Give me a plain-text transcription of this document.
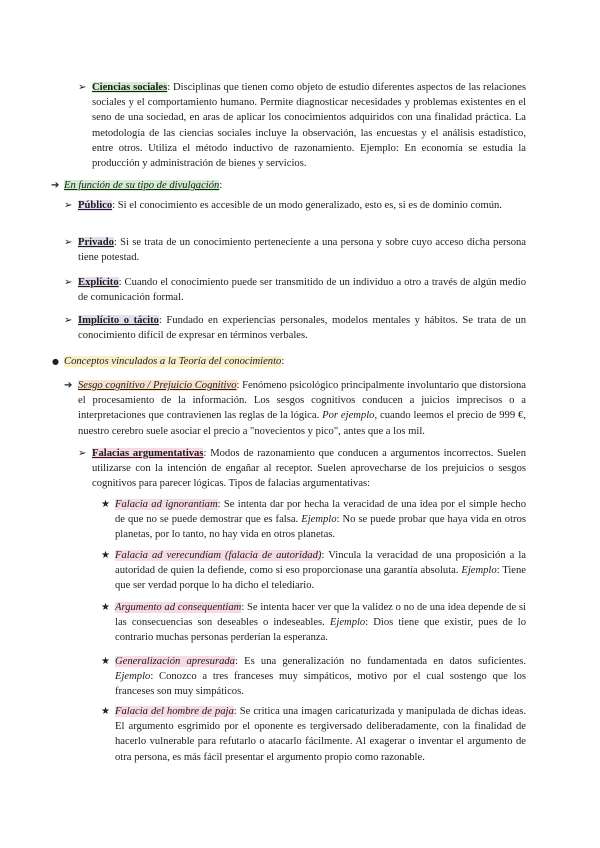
➢ Ciencias sociales: Disciplinas que tienen como objeto de estudio diferentes aspectos de las relaciones sociales y el comportamiento humano. Permite diagnosticar necesidades y problemas existentes en el seno de una sociedad, en aras de aplicar los conocimientos adquiridos con una finalidad práctica. La metodología de las ciencias sociales incluye la observación, las encuestas y el análisis estadístico, entre otros. Utiliza el método inductivo de razonamiento. Ejemplo: En economía se estudia la producción y administración de bienes y servicios.
➔ En función de su tipo de divulgación:
➢ Público: Si el conocimiento es accesible de un modo generalizado, esto es, si es de dominio común.
➢ Privado: Si se trata de un conocimiento perteneciente a una persona y sobre cuyo acceso dicha persona tiene potestad.
➢ Explícito: Cuando el conocimiento puede ser transmitido de un individuo a otro a través de algún medio de comunicación formal.
➢ Implícito o tácito: Fundado en experiencias personales, modelos mentales y hábitos. Se trata de un conocimiento difícil de expresar en términos verbales.
● Conceptos vinculados a la Teoría del conocimiento:
➔ Sesgo cognitivo / Prejuicio Cognitivo: Fenómeno psicológico principalmente involuntario que distorsiona el procesamiento de la información. Los sesgos cognitivos conducen a juicios imprecisos o a interpretaciones que contravienen las reglas de la lógica. Por ejemplo, cuando leemos el precio de 999 €, nuestro cerebro suele asociar el precio a "novecientos y pico", antes que a los mil.
➢ Falacias argumentativas: Modos de razonamiento que conducen a argumentos incorrectos. Suelen utilizarse con la intención de engañar al receptor. Suelen aprovecharse de los prejuicios o sesgos cognitivos para parecer lógicas. Tipos de falacias argumentativas:
★ Falacia ad ignorantiam: Se intenta dar por hecha la veracidad de una idea por el simple hecho de que no se puede demostrar que es falsa. Ejemplo: No se puede probar que haya vida en otros planetas, por lo tanto, no hay vida en otros planetas.
★ Falacia ad verecundiam (falacia de autoridad): Vincula la veracidad de una proposición a la autoridad de quien la defiende, como si eso proporcionase una garantía absoluta. Ejemplo: Tiene que ser verdad porque lo ha dicho el telediario.
★ Argumento ad consequentiam: Se intenta hacer ver que la validez o no de una idea depende de si las consecuencias son deseables o indeseables. Ejemplo: Dios tiene que existir, pues de lo contrario muchas personas perderían la esperanza.
★ Generalización apresurada: Es una generalización no fundamentada en datos suficientes. Ejemplo: Conozco a tres franceses muy simpáticos, motivo por el cual sostengo que los franceses son muy simpáticos.
★ Falacia del hombre de paja: Se critica una imagen caricaturizada y manipulada de dichas ideas. El argumento esgrimido por el oponente es tergiversado deliberadamente, con la finalidad de hacerlo vulnerable para refutarlo o atacarlo fácilmente. Al exagerar o inventar el argumento de otra persona, es más fácil presentar el argumento propio como razonable.
